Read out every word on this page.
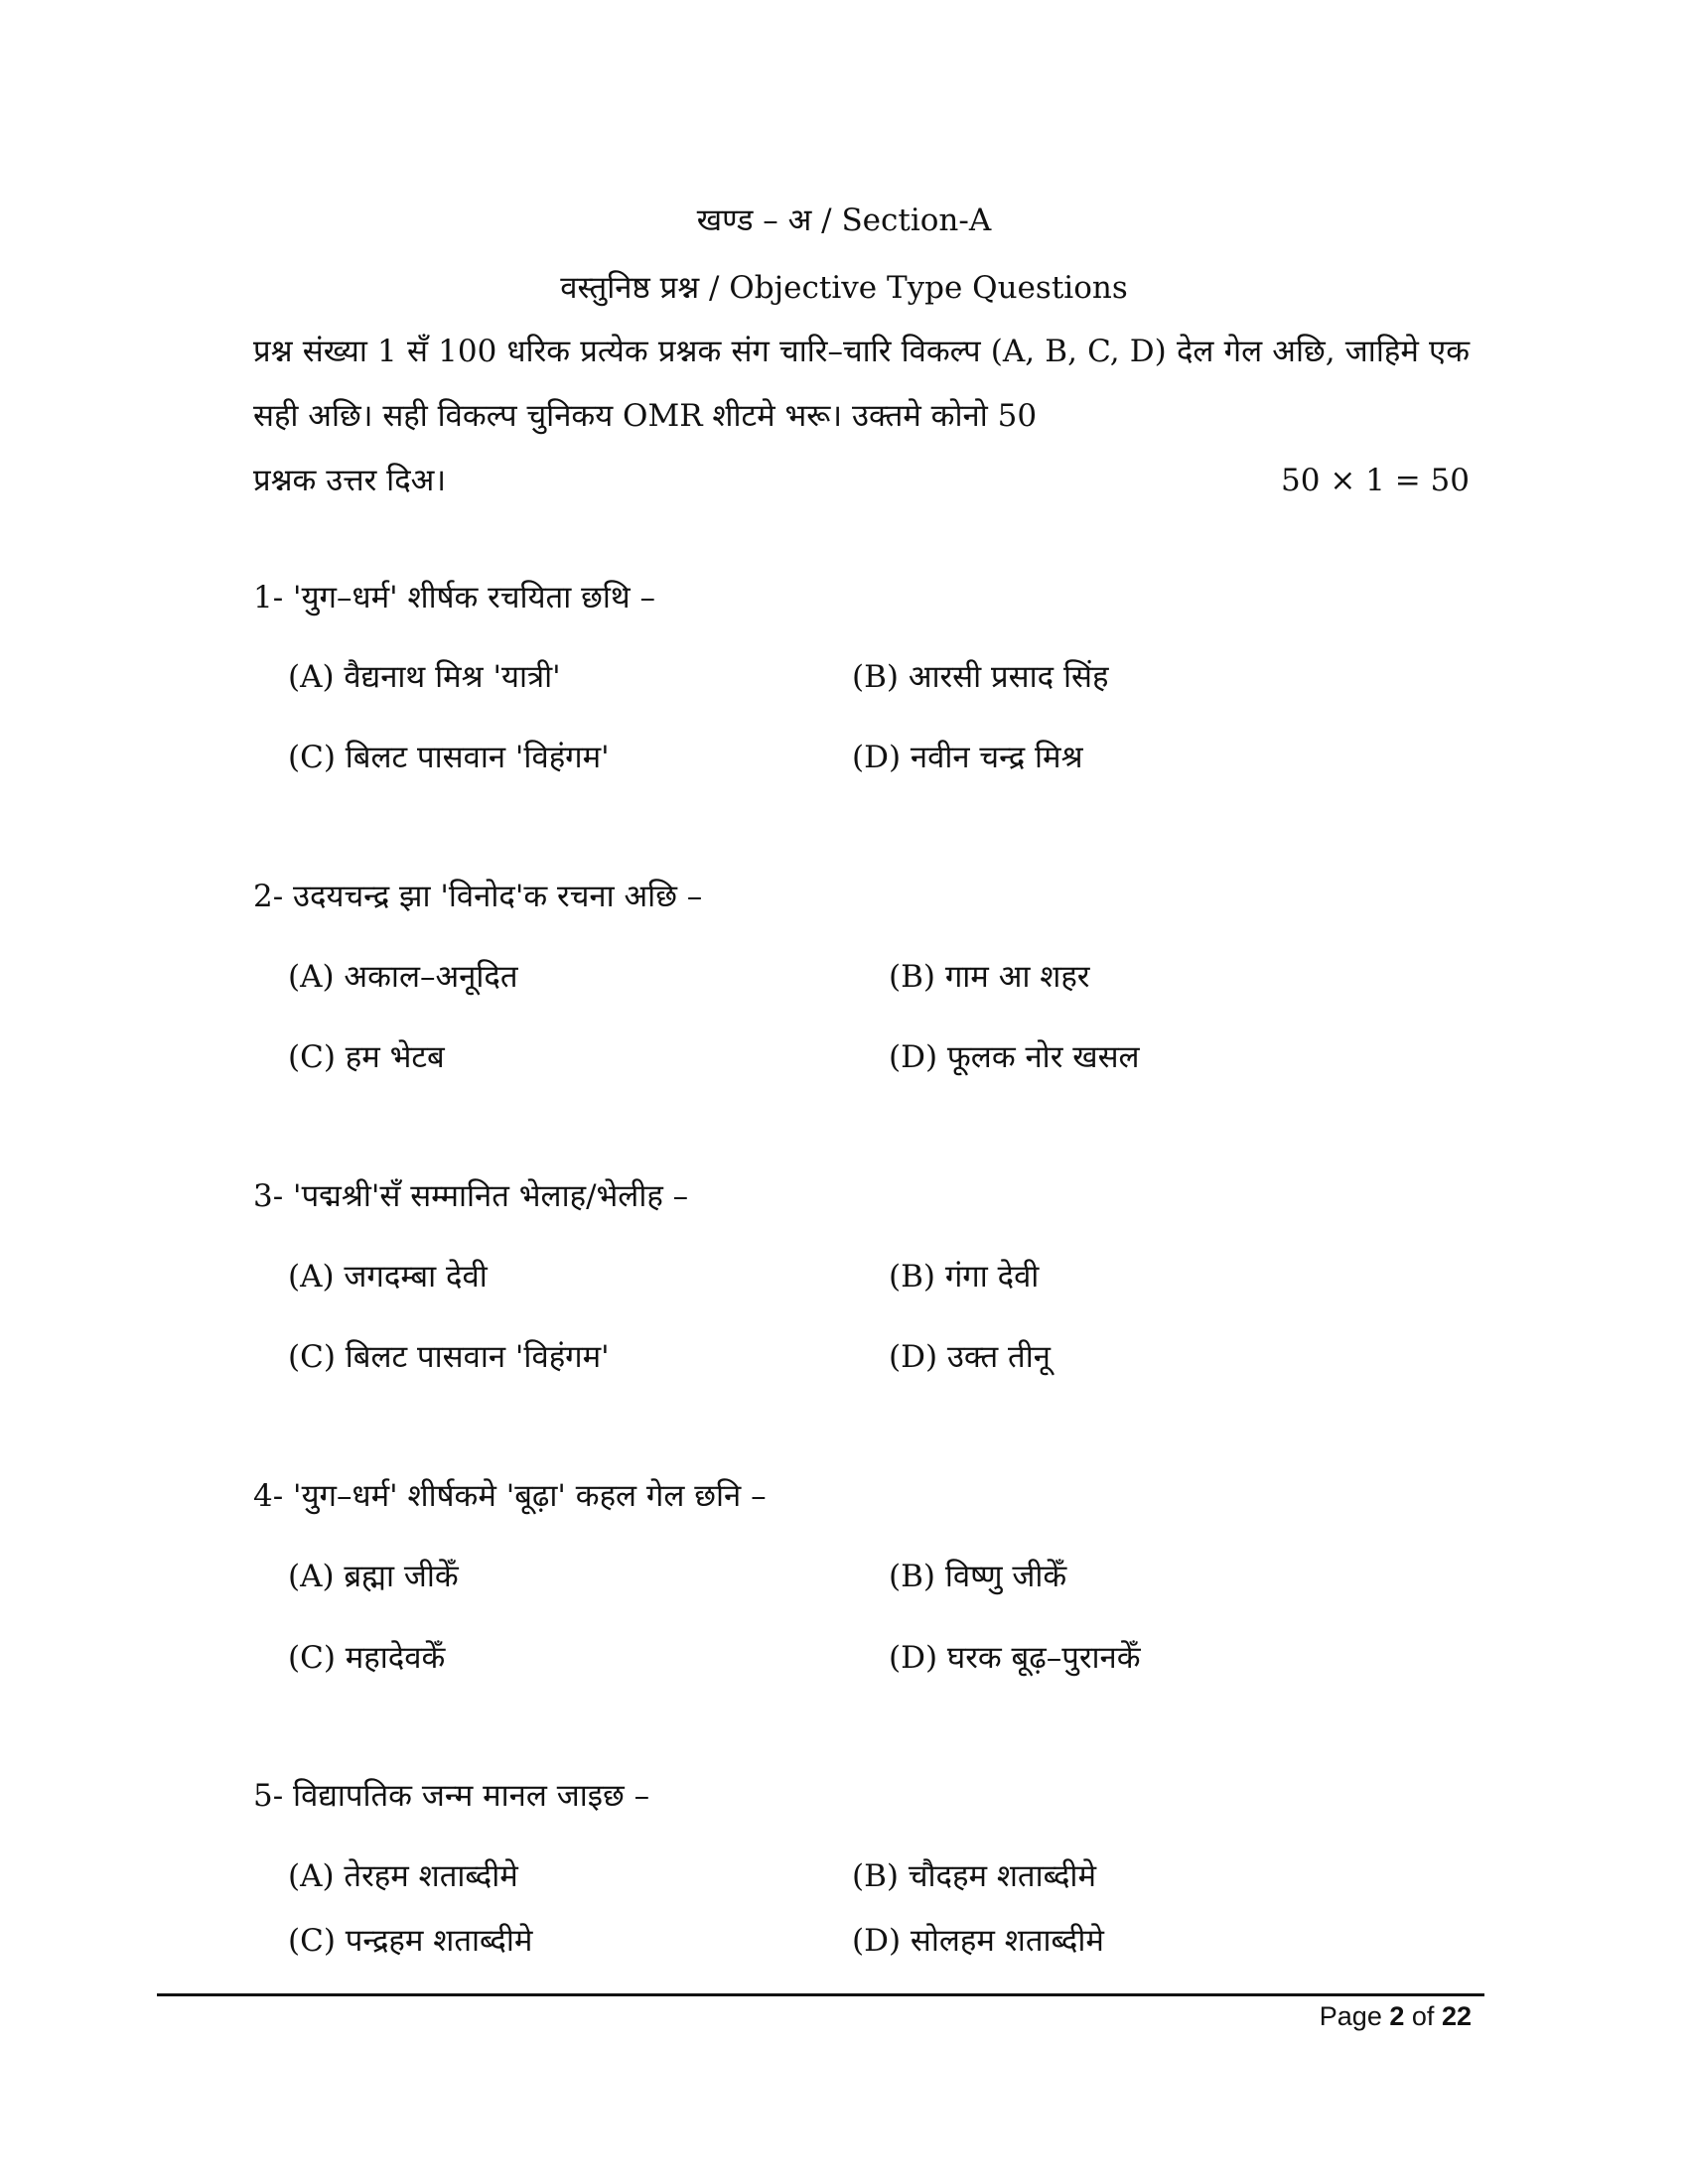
खण्ड – अ / Section-A
वस्तुनिष्ठ प्रश्न / Objective Type Questions
प्रश्न संख्या 1 सँ 100 धरिक प्रत्येक प्रश्नक संग चारि–चारि विकल्प (A, B, C, D) देल गेल अछि, जाहिमे एक सही अछि। सही विकल्प चुनिकय OMR शीटमे भरू। उक्तमे कोनो 50
प्रश्नक उत्तर दिअ।	50 × 1 = 50
1- 'युग–धर्म' शीर्षक रचयिता छथि –
(A) वैद्यनाथ मिश्र 'यात्री'	(B) आरसी प्रसाद सिंह
(C) बिलट पासवान 'विहंगम'	(D) नवीन चन्द्र मिश्र
2- उदयचन्द्र झा 'विनोद'क रचना अछि –
(A) अकाल–अनूदित	(B) गाम आ शहर
(C) हम भेटब	(D) फूलक नोर खसल
3- 'पद्मश्री'सँ सम्मानित भेलाह/भेलीह –
(A) जगदम्बा देवी	(B) गंगा देवी
(C) बिलट पासवान 'विहंगम'	(D) उक्त तीनू
4- 'युग–धर्म' शीर्षकमे 'बूढ़ा' कहल गेल छनि –
(A) ब्रह्मा जीकेँ	(B) विष्णु जीकेँ
(C) महादेवकेँ	(D) घरक बूढ़–पुरानकेँ
5- विद्यापतिक जन्म मानल जाइछ –
(A) तेरहम शताब्दीमे	(B) चौदहम शताब्दीमे
(C) पन्द्रहम शताब्दीमे	(D) सोलहम शताब्दीमे
Page 2 of 22
